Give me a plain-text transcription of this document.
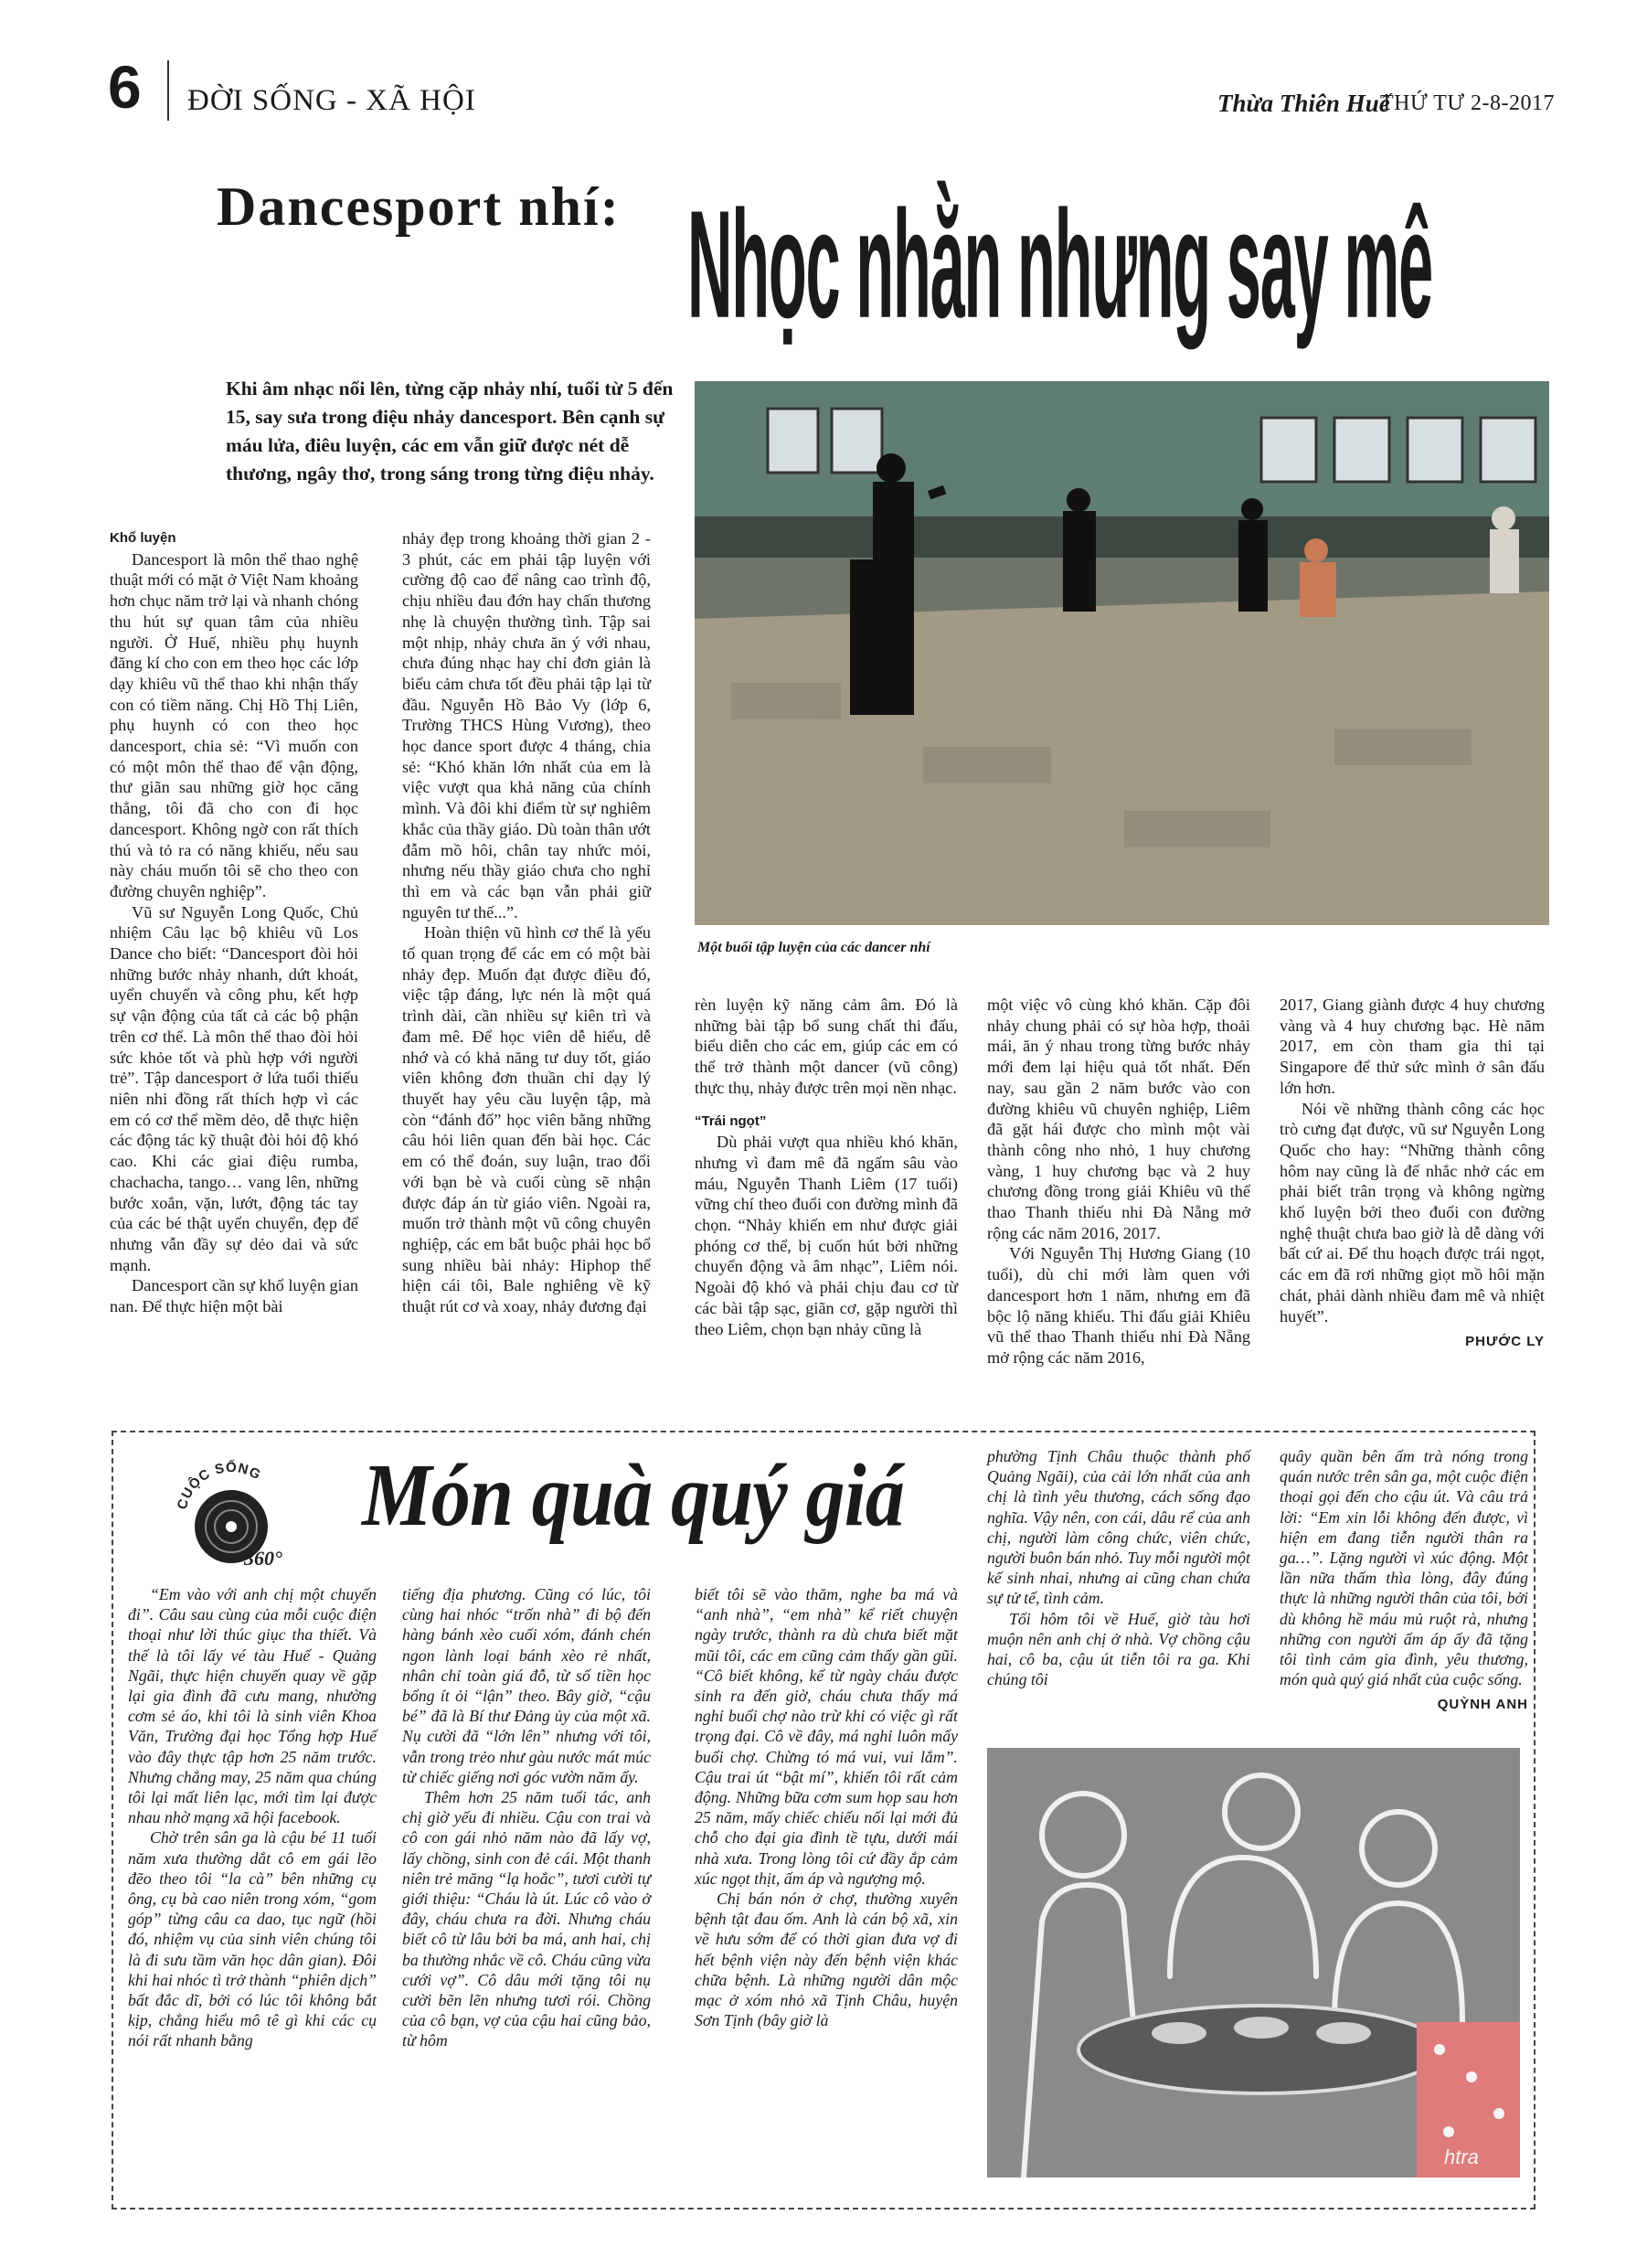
6 ĐỜI SỐNG - XÃ HỘI	Thừa Thiên Huế
THỨ TƯ 2-8-2017
Dancesport nhí: Nhọc nhằn nhưng say mê
Khi âm nhạc nổi lên, từng cặp nhảy nhí, tuổi từ 5 đến 15, say sưa trong điệu nhảy dancesport. Bên cạnh sự máu lửa, điêu luyện, các em vẫn giữ được nét dễ thương, ngây thơ, trong sáng trong từng điệu nhảy.
Một buổi tập luyện của các dancer nhí
Khổ luyện

Dancesport là môn thể thao nghệ thuật mới có mặt ở Việt Nam khoảng hơn chục năm trở lại và nhanh chóng thu hút sự quan tâm của nhiều người. Ở Huế, nhiều phụ huynh đăng kí cho con em theo học các lớp dạy khiêu vũ thể thao khi nhận thấy con có tiềm năng. Chị Hồ Thị Liên, phụ huynh có con theo học dancesport, chia sẻ: “Vì muốn con có một môn thể thao để vận động, thư giãn sau những giờ học căng thẳng, tôi đã cho con đi học dancesport. Không ngờ con rất thích thú và tỏ ra có năng khiếu, nếu sau này cháu muốn tôi sẽ cho theo con đường chuyên nghiệp”.

Vũ sư Nguyễn Long Quốc, Chủ nhiệm Câu lạc bộ khiêu vũ Los Dance cho biết: “Dancesport đòi hỏi những bước nhảy nhanh, dứt khoát, uyển chuyển và công phu, kết hợp sự vận động của tất cả các bộ phận trên cơ thể. Là môn thể thao đòi hỏi sức khỏe tốt và phù hợp với người trẻ”. Tập dancesport ở lứa tuổi thiếu niên nhi đồng rất thích hợp vì các em có cơ thể mềm dẻo, dễ thực hiện các động tác kỹ thuật đòi hỏi độ khó cao. Khi các giai điệu rumba, chachacha, tango… vang lên, những bước xoắn, vặn, lướt, động tác tay của các bé thật uyển chuyển, đẹp để nhưng vẫn đầy sự dẻo dai và sức mạnh.

Dancesport cần sự khổ luyện gian nan. Để thực hiện một bài

nhảy đẹp trong khoảng thời gian 2 - 3 phút, các em phải tập luyện với cường độ cao để nâng cao trình độ, chịu nhiều đau đớn hay chấn thương nhẹ là chuyện thường tình. Tập sai một nhịp, nhảy chưa ăn ý với nhau, chưa đúng nhạc hay chỉ đơn giản là biểu cảm chưa tốt đều phải tập lại từ đầu. Nguyễn Hồ Bảo Vy (lớp 6, Trường THCS Hùng Vương), theo học dance sport được 4 tháng, chia sẻ: “Khó khăn lớn nhất của em là việc vượt qua khả năng của chính mình. Và đôi khi điểm từ sự nghiêm khắc của thầy giáo. Dù toàn thân ướt đẫm mồ hôi, chân tay nhức mỏi, nhưng nếu thầy giáo chưa cho nghỉ thì em và các bạn vẫn phải giữ nguyên tư thế...”.

Hoàn thiện vũ hình cơ thể là yếu tố quan trọng để các em có một bài nhảy đẹp. Muốn đạt được điều đó, việc tập đáng, lực nén là một quá trình dài, cần nhiều sự kiên trì và đam mê. Để học viên dễ hiểu, dễ nhớ và có khả năng tư duy tốt, giáo viên không đơn thuần chỉ dạy lý thuyết hay yêu cầu luyện tập, mà còn “đánh đố” học viên bằng những câu hỏi liên quan đến bài học. Các em có thể đoán, suy luận, trao đổi với bạn bè và cuối cùng sẽ nhận được đáp án từ giáo viên. Ngoài ra, muốn trở thành một vũ công chuyên nghiệp, các em bắt buộc phải học bổ sung nhiều bài nhảy: Hiphop thể hiện cái tôi, Bale nghiêng về kỹ thuật rút cơ và xoay, nhảy đương đại

rèn luyện kỹ năng cảm âm. Đó là những bài tập bổ sung chất thi đấu, biểu diễn cho các em, giúp các em có thể trở thành một dancer (vũ công) thực thụ, nhảy được trên mọi nền nhạc.

“Trái ngọt”

Dù phải vượt qua nhiều khó khăn, nhưng vì đam mê đã ngấm sâu vào máu, Nguyễn Thanh Liêm (17 tuổi) vững chí theo đuổi con đường mình đã chọn. “Nhảy khiến em như được giải phóng cơ thể, bị cuốn hút bởi những chuyển động và âm nhạc”, Liêm nói. Ngoài độ khó và phải chịu đau cơ từ các bài tập sạc, giãn cơ, gặp người thì theo Liêm, chọn bạn nhảy cũng là

một việc vô cùng khó khăn. Cặp đôi nhảy chung phải có sự hòa hợp, thoải mái, ăn ý nhau trong từng bước nhảy mới đem lại hiệu quả tốt nhất. Đến nay, sau gần 2 năm bước vào con đường khiêu vũ chuyên nghiệp, Liêm đã gặt hái được cho mình một vài thành công nho nhỏ, 1 huy chương vàng, 1 huy chương bạc và 2 huy chương đồng trong giải Khiêu vũ thể thao Thanh thiếu nhi Đà Nẵng mở rộng các năm 2016, 2017.

Với Nguyễn Thị Hương Giang (10 tuổi), dù chỉ mới làm quen với dancesport hơn 1 năm, nhưng em đã bộc lộ năng khiếu. Thi đấu giải Khiêu vũ thể thao Thanh thiếu nhi Đà Nẵng mở rộng các năm 2016,

2017, Giang giành được 4 huy chương vàng và 4 huy chương bạc. Hè năm 2017, em còn tham gia thi tại Singapore để thử sức mình ở sân đấu lớn hơn.

Nói về những thành công các học trò cưng đạt được, vũ sư Nguyễn Long Quốc cho hay: “Những thành công hôm nay cũng là để nhắc nhở các em phải biết trân trọng và không ngừng khổ luyện bởi theo đuổi con đường nghệ thuật chưa bao giờ là dễ dàng với bất cứ ai. Để thu hoạch được trái ngọt, các em đã rơi những giọt mồ hôi mặn chát, phải dành nhiều đam mê và nhiệt huyết”.

PHƯỚC LY
CUỘC SỐNG
360°
Món quà quý giá

“Em vào với anh chị một chuyến đi”. Câu sau cùng của mỗi cuộc điện thoại như lời thúc giục tha thiết. Và thế là tôi lấy vé tàu Huế - Quảng Ngãi, thực hiện chuyến quay về gặp lại gia đình đã cưu mang, nhường cơm sẻ áo, khi tôi là sinh viên Khoa Văn, Trường đại học Tổng hợp Huế vào đây thực tập hơn 25 năm trước. Nhưng chẳng may, 25 năm qua chúng tôi lại mất liên lạc, mới tìm lại được nhau nhờ mạng xã hội facebook.

Chờ trên sân ga là cậu bé 11 tuổi năm xưa thường dắt cô em gái lẽo đẽo theo tôi “la cà” bên những cụ ông, cụ bà cao niên trong xóm, “gom góp” từng câu ca dao, tục ngữ (hồi đó, nhiệm vụ của sinh viên chúng tôi là đi sưu tầm văn học dân gian). Đôi khi hai nhóc tì trở thành “phiên dịch” bất đắc dĩ, bởi có lúc tôi không bắt kịp, chẳng hiểu mô tê gì khi các cụ nói rất nhanh bằng

tiếng địa phương. Cũng có lúc, tôi cùng hai nhóc “trốn nhà” đi bộ đến hàng bánh xèo cuối xóm, đánh chén ngon lành loại bánh xèo rẻ nhất, nhân chỉ toàn giá đỗ, từ số tiền học bổng ít ỏi “lận” theo. Bây giờ, “cậu bé” đã là Bí thư Đảng ủy của một xã. Nụ cười đã “lớn lên” nhưng với tôi, vẫn trong trẻo như gàu nước mát múc từ chiếc giếng nơi góc vườn năm ấy.

Thêm hơn 25 năm tuổi tác, anh chị giờ yếu đi nhiều. Cậu con trai và cô con gái nhỏ năm nào đã lấy vợ, lấy chồng, sinh con đẻ cái. Một thanh niên trẻ măng “lạ hoắc”, tươi cười tự giới thiệu: “Cháu là út. Lúc cô vào ở đây, cháu chưa ra đời. Nhưng cháu biết cô từ lâu bởi ba má, anh hai, chị ba thường nhắc về cô. Cháu cũng vừa cưới vợ”. Cô dâu mới tặng tôi nụ cười bẽn lẽn nhưng tươi rói. Chồng của cô bạn, vợ của cậu hai cũng bảo, từ hôm

biết tôi sẽ vào thăm, nghe ba má và “anh nhà”, “em nhà” kể riết chuyện ngày trước, thành ra dù chưa biết mặt mũi tôi, các em cũng cảm thấy gần gũi. “Cô biết không, kể từ ngày cháu được sinh ra đến giờ, cháu chưa thấy má nghỉ buổi chợ nào trừ khi có việc gì rất trọng đại. Cô về đây, má nghỉ luôn mấy buổi chợ. Chừng tó má vui, vui lắm”. Cậu trai út “bật mí”, khiến tôi rất cảm động. Những bữa cơm sum họp sau hơn 25 năm, mấy chiếc chiếu nối lại mới đủ chỗ cho đại gia đình tề tựu, dưới mái nhà xưa. Trong lòng tôi cứ đầy ắp cảm xúc ngọt thịt, ấm áp và ngượng mộ.

Chị bán nón ở chợ, thường xuyên bệnh tật đau ốm. Anh là cán bộ xã, xin về hưu sớm để có thời gian đưa vợ đi hết bệnh viện này đến bệnh viện khác chữa bệnh. Là những người dân mộc mạc ở xóm nhỏ xã Tịnh Châu, huyện Sơn Tịnh (bây giờ là

phường Tịnh Châu thuộc thành phố Quảng Ngãi), của cải lớn nhất của anh chị là tình yêu thương, cách sống đạo nghĩa. Vậy nên, con cái, dâu rể của anh chị, người làm công chức, viên chức, người buôn bán nhỏ. Tuy mỗi người một kế sinh nhai, nhưng ai cũng chan chứa sự tử tế, tình cảm.

Tối hôm tôi về Huế, giờ tàu hơi muộn nên anh chị ở nhà. Vợ chồng cậu hai, cô ba, cậu út tiễn tôi ra ga. Khi chúng tôi

quây quần bên ấm trà nóng trong quán nước trên sân ga, một cuộc điện thoại gọi đến cho cậu út. Và câu trả lời: “Em xin lỗi không đến được, vì hiện em đang tiễn người thân ra ga…”. Lặng người vì xúc động. Một lần nữa thấm thìa lòng, đây đúng thực là những người thân của tôi, bởi dù không hề máu mủ ruột rà, nhưng những con người ấm áp ấy đã tặng tôi tình cảm gia đình, yêu thương, món quà quý giá nhất của cuộc sống.

QUỲNH ANH
htra
